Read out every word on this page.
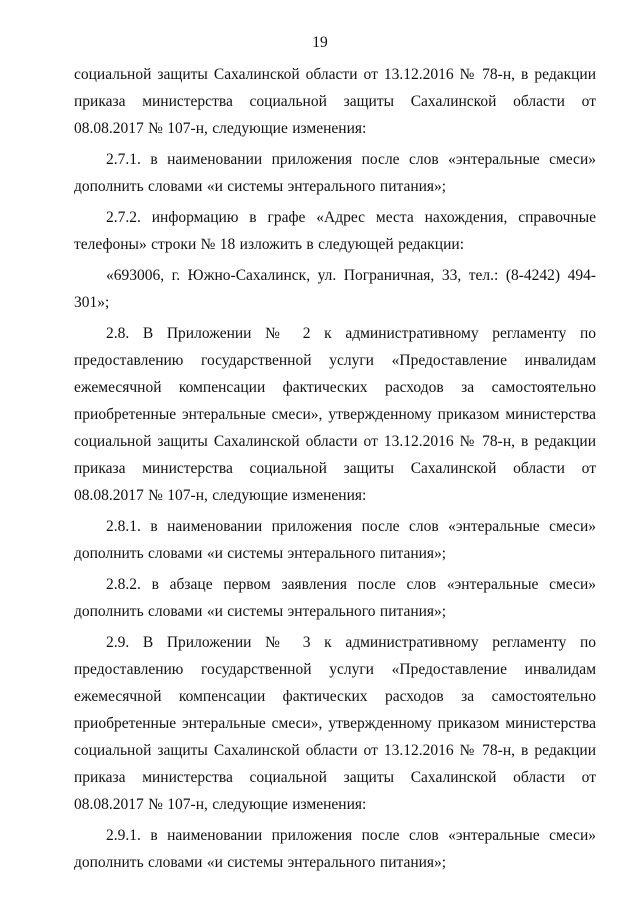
19

социальной защиты Сахалинской области от 13.12.2016 № 78-н, в редакции приказа министерства социальной защиты Сахалинской области от 08.08.2017 № 107-н, следующие изменения:

2.7.1. в наименовании приложения после слов «энтеральные смеси» дополнить словами «и системы энтерального питания»;

2.7.2. информацию в графе «Адрес места нахождения, справочные телефоны» строки № 18 изложить в следующей редакции:

«693006, г. Южно-Сахалинск, ул. Пограничная, 33, тел.: (8-4242) 494-301»;

2.8. В Приложении № 2 к административному регламенту по предоставлению государственной услуги «Предоставление инвалидам ежемесячной компенсации фактических расходов за самостоятельно приобретенные энтеральные смеси», утвержденному приказом министерства социальной защиты Сахалинской области от 13.12.2016 № 78-н, в редакции приказа министерства социальной защиты Сахалинской области от 08.08.2017 № 107-н, следующие изменения:

2.8.1. в наименовании приложения после слов «энтеральные смеси» дополнить словами «и системы энтерального питания»;

2.8.2. в абзаце первом заявления после слов «энтеральные смеси» дополнить словами «и системы энтерального питания»;

2.9. В Приложении № 3 к административному регламенту по предоставлению государственной услуги «Предоставление инвалидам ежемесячной компенсации фактических расходов за самостоятельно приобретенные энтеральные смеси», утвержденному приказом министерства социальной защиты Сахалинской области от 13.12.2016 № 78-н, в редакции приказа министерства социальной защиты Сахалинской области от 08.08.2017 № 107-н, следующие изменения:

2.9.1. в наименовании приложения после слов «энтеральные смеси» дополнить словами «и системы энтерального питания»;
